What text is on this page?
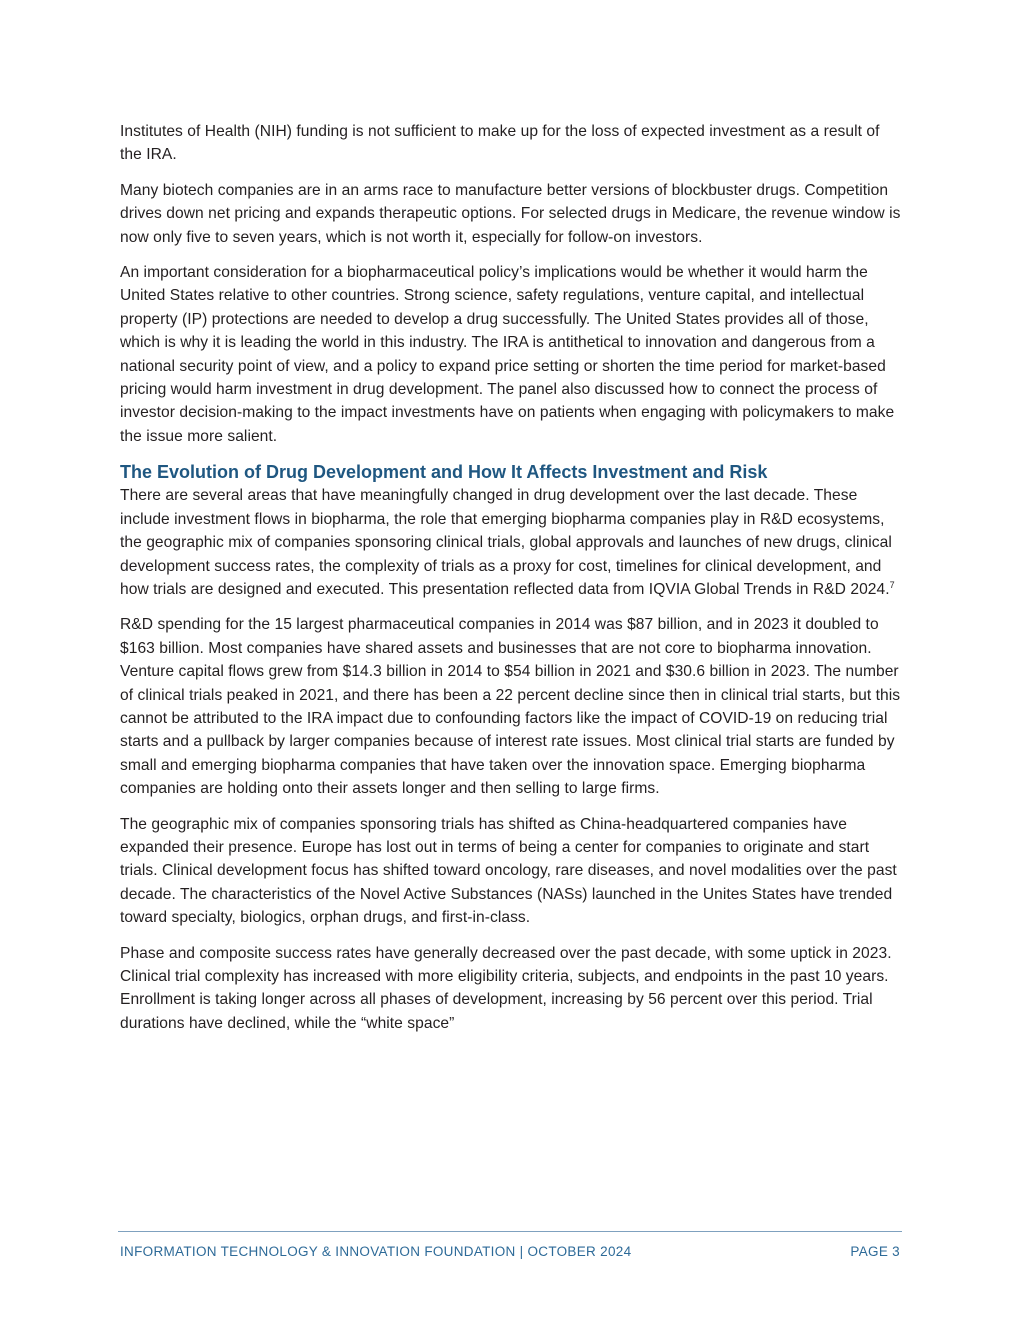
Institutes of Health (NIH) funding is not sufficient to make up for the loss of expected investment as a result of the IRA.

Many biotech companies are in an arms race to manufacture better versions of blockbuster drugs. Competition drives down net pricing and expands therapeutic options. For selected drugs in Medicare, the revenue window is now only five to seven years, which is not worth it, especially for follow-on investors.

An important consideration for a biopharmaceutical policy’s implications would be whether it would harm the United States relative to other countries. Strong science, safety regulations, venture capital, and intellectual property (IP) protections are needed to develop a drug successfully. The United States provides all of those, which is why it is leading the world in this industry. The IRA is antithetical to innovation and dangerous from a national security point of view, and a policy to expand price setting or shorten the time period for market-based pricing would harm investment in drug development. The panel also discussed how to connect the process of investor decision-making to the impact investments have on patients when engaging with policymakers to make the issue more salient.

The Evolution of Drug Development and How It Affects Investment and Risk

There are several areas that have meaningfully changed in drug development over the last decade. These include investment flows in biopharma, the role that emerging biopharma companies play in R&D ecosystems, the geographic mix of companies sponsoring clinical trials, global approvals and launches of new drugs, clinical development success rates, the complexity of trials as a proxy for cost, timelines for clinical development, and how trials are designed and executed. This presentation reflected data from IQVIA Global Trends in R&D 2024.$^7$

R&D spending for the 15 largest pharmaceutical companies in 2014 was $87 billion, and in 2023 it doubled to $163 billion. Most companies have shared assets and businesses that are not core to biopharma innovation. Venture capital flows grew from $14.3 billion in 2014 to $54 billion in 2021 and $30.6 billion in 2023. The number of clinical trials peaked in 2021, and there has been a 22 percent decline since then in clinical trial starts, but this cannot be attributed to the IRA impact due to confounding factors like the impact of COVID-19 on reducing trial starts and a pullback by larger companies because of interest rate issues. Most clinical trial starts are funded by small and emerging biopharma companies that have taken over the innovation space. Emerging biopharma companies are holding onto their assets longer and then selling to large firms.

The geographic mix of companies sponsoring trials has shifted as China-headquartered companies have expanded their presence. Europe has lost out in terms of being a center for companies to originate and start trials. Clinical development focus has shifted toward oncology, rare diseases, and novel modalities over the past decade. The characteristics of the Novel Active Substances (NASs) launched in the Unites States have trended toward specialty, biologics, orphan drugs, and first-in-class.

Phase and composite success rates have generally decreased over the past decade, with some uptick in 2023. Clinical trial complexity has increased with more eligibility criteria, subjects, and endpoints in the past 10 years. Enrollment is taking longer across all phases of development, increasing by 56 percent over this period. Trial durations have declined, while the “white space”

INFORMATION TECHNOLOGY & INNOVATION FOUNDATION | OCTOBER 2024	PAGE 3
